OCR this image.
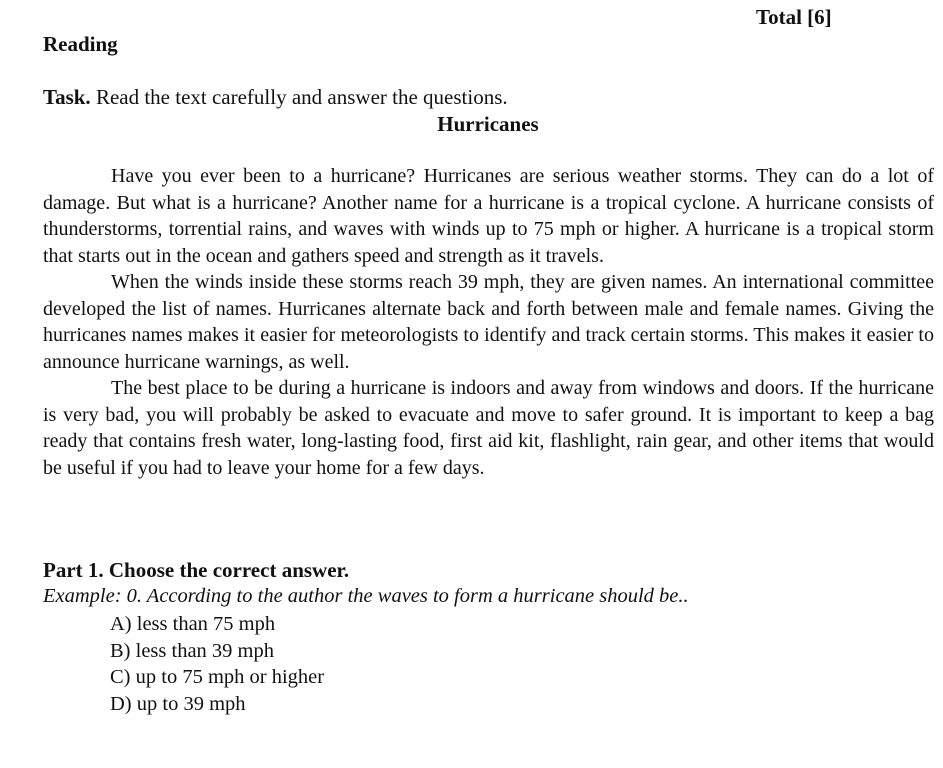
Total [6]
Reading
Task. Read the text carefully and answer the questions.
Hurricanes

Have you ever been to a hurricane? Hurricanes are serious weather storms. They can do a lot of damage. But what is a hurricane? Another name for a hurricane is a tropical cyclone. A hurricane consists of thunderstorms, torrential rains, and waves with winds up to 75 mph or higher. A hurricane is a tropical storm that starts out in the ocean and gathers speed and strength as it travels.

When the winds inside these storms reach 39 mph, they are given names. An international committee developed the list of names. Hurricanes alternate back and forth between male and female names. Giving the hurricanes names makes it easier for meteorologists to identify and track certain storms. This makes it easier to announce hurricane warnings, as well.

The best place to be during a hurricane is indoors and away from windows and doors. If the hurricane is very bad, you will probably be asked to evacuate and move to safer ground. It is important to keep a bag ready that contains fresh water, long-lasting food, first aid kit, flashlight, rain gear, and other items that would be useful if you had to leave your home for a few days.

Part 1. Choose the correct answer.
Example: 0. According to the author the waves to form a hurricane should be..
A) less than 75 mph
B) less than 39 mph
C) up to 75 mph or higher
D) up to 39 mph
